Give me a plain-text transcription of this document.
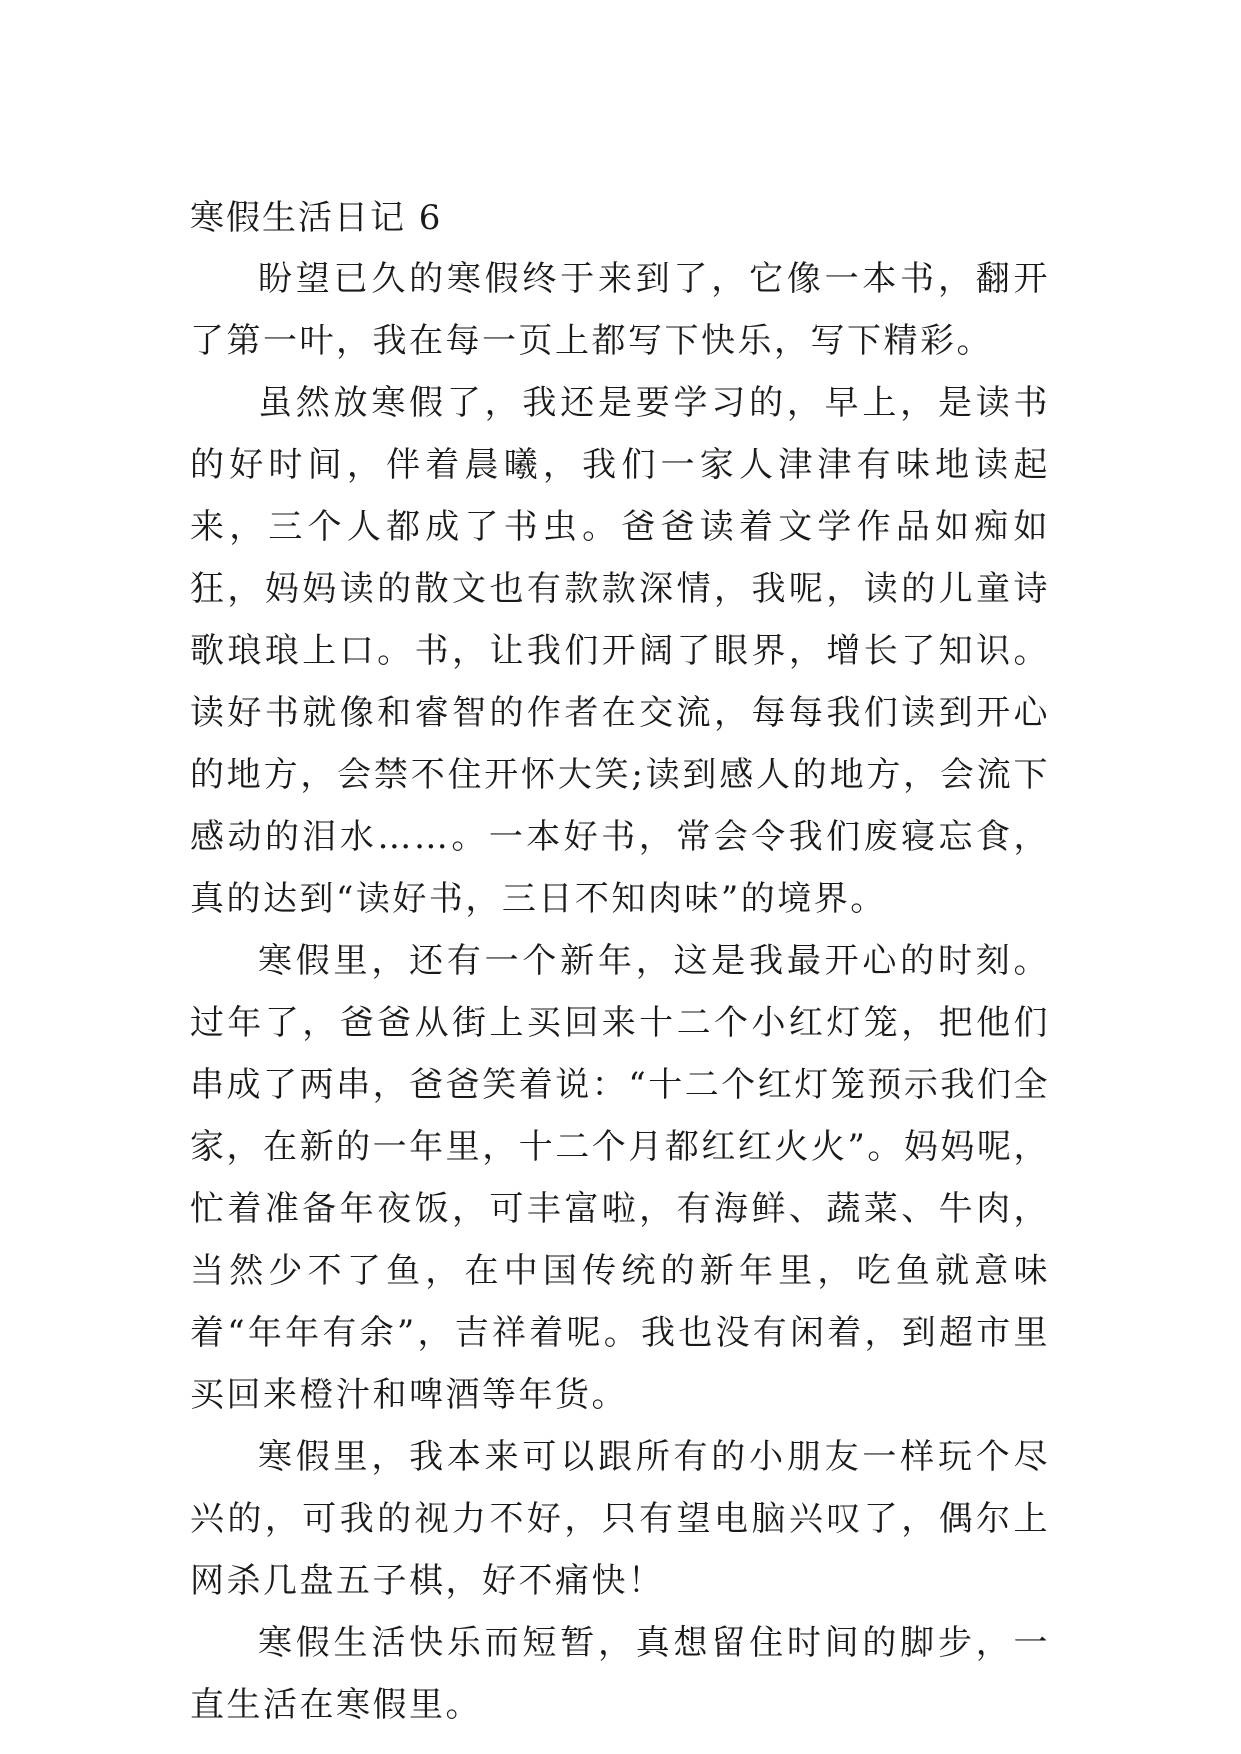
寒假生活日记 6

盼望已久的寒假终于来到了，它像一本书，翻开了第一叶，我在每一页上都写下快乐，写下精彩。

虽然放寒假了，我还是要学习的，早上，是读书的好时间，伴着晨曦，我们一家人津津有味地读起来，三个人都成了书虫。爸爸读着文学作品如痴如狂，妈妈读的散文也有款款深情，我呢，读的儿童诗歌琅琅上口。书，让我们开阔了眼界，增长了知识。读好书就像和睿智的作者在交流，每每我们读到开心的地方，会禁不住开怀大笑;读到感人的地方，会流下感动的泪水……。一本好书，常会令我们废寝忘食，真的达到“读好书，三日不知肉味”的境界。

寒假里，还有一个新年，这是我最开心的时刻。过年了，爸爸从街上买回来十二个小红灯笼，把他们串成了两串，爸爸笑着说：“十二个红灯笼预示我们全家，在新的一年里，十二个月都红红火火”。妈妈呢，忙着准备年夜饭，可丰富啦，有海鲜、蔬菜、牛肉，当然少不了鱼，在中国传统的新年里，吃鱼就意味着“年年有余”，吉祥着呢。我也没有闲着，到超市里买回来橙汁和啤酒等年货。

寒假里，我本来可以跟所有的小朋友一样玩个尽兴的，可我的视力不好，只有望电脑兴叹了，偶尔上网杀几盘五子棋，好不痛快！

寒假生活快乐而短暂，真想留住时间的脚步，一直生活在寒假里。
